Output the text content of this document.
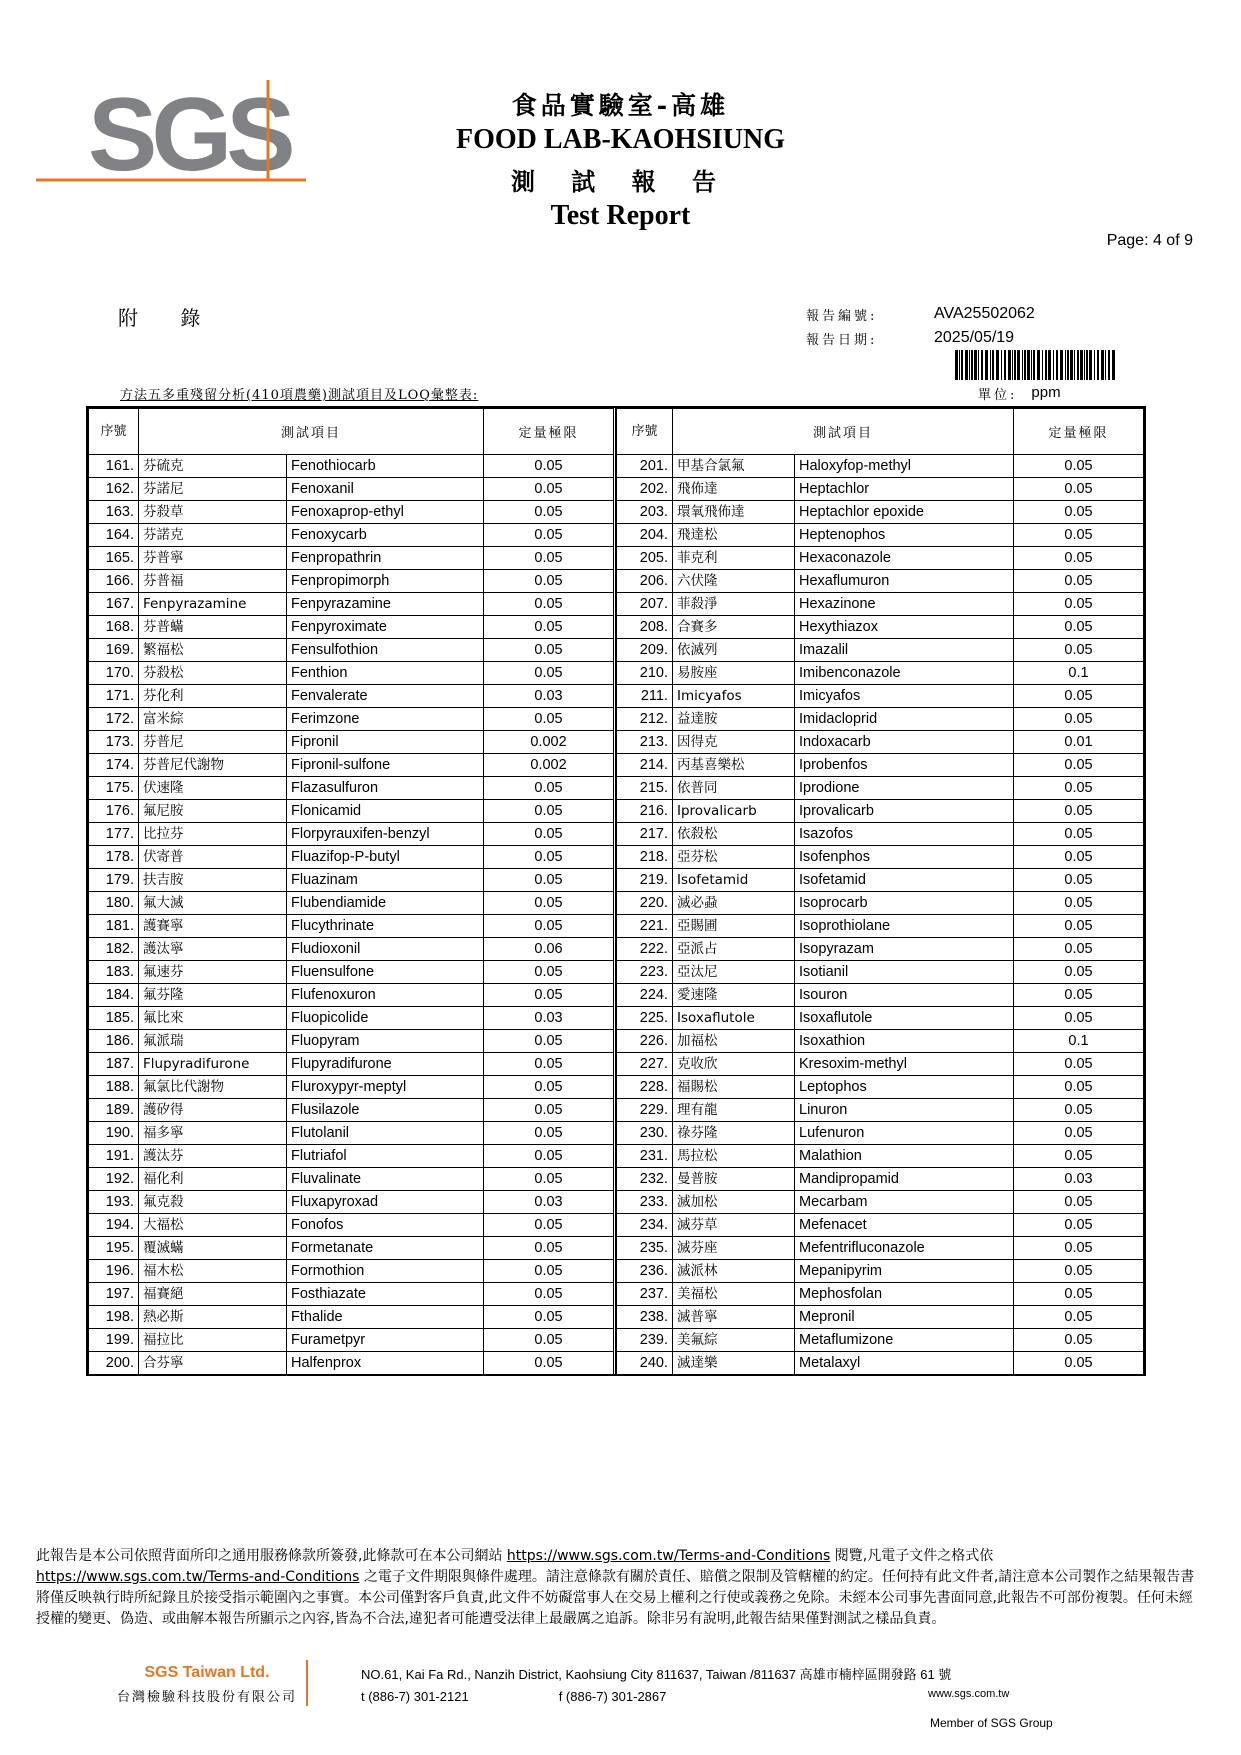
SGS	食品實驗室-高雄
FOOD LAB-KAOHSIUNG
測 試 報 告
Test Report
Page: 4 of 9
附 錄	報告編號:	AVA25502062
報告日期:	2025/05/19
方法五多重殘留分析(410項農藥)測試項目及LOQ彙整表:	單位: ppm
序號	測試項目		定量極限
161.	芬硫克	Fenothiocarb	0.05
162.	芬諾尼	Fenoxanil	0.05
163.	芬殺草	Fenoxaprop-ethyl	0.05
164.	芬諾克	Fenoxycarb	0.05
165.	芬普寧	Fenpropathrin	0.05
166.	芬普福	Fenpropimorph	0.05
167.	Fenpyrazamine	Fenpyrazamine	0.05
168.	芬普蟎	Fenpyroximate	0.05
169.	繁福松	Fensulfothion	0.05
170.	芬殺松	Fenthion	0.05
171.	芬化利	Fenvalerate	0.03
172.	富米綜	Ferimzone	0.05
173.	芬普尼	Fipronil	0.002
174.	芬普尼代謝物	Fipronil-sulfone	0.002
175.	伏速隆	Flazasulfuron	0.05
176.	氟尼胺	Flonicamid	0.05
177.	比拉芬	Florpyrauxifen-benzyl	0.05
178.	伏寄普	Fluazifop-P-butyl	0.05
179.	扶吉胺	Fluazinam	0.05
180.	氟大滅	Flubendiamide	0.05
181.	護賽寧	Flucythrinate	0.05
182.	護汰寧	Fludioxonil	0.06
183.	氟速芬	Fluensulfone	0.05
184.	氟芬隆	Flufenoxuron	0.05
185.	氟比來	Fluopicolide	0.03
186.	氟派瑞	Fluopyram	0.05
187.	Flupyradifurone	Flupyradifurone	0.05
188.	氟氯比代謝物	Fluroxypyr-meptyl	0.05
189.	護矽得	Flusilazole	0.05
190.	福多寧	Flutolanil	0.05
191.	護汰芬	Flutriafol	0.05
192.	福化利	Fluvalinate	0.05
193.	氟克殺	Fluxapyroxad	0.03
194.	大福松	Fonofos	0.05
195.	覆滅蟎	Formetanate	0.05
196.	福木松	Formothion	0.05
197.	福賽絕	Fosthiazate	0.05
198.	熱必斯	Fthalide	0.05
199.	福拉比	Furametpyr	0.05
200.	合芬寧	Halfenprox	0.05
序號	測試項目		定量極限
201.	甲基合氯氟	Haloxyfop-methyl	0.05
202.	飛佈達	Heptachlor	0.05
203.	環氧飛佈達	Heptachlor epoxide	0.05
204.	飛達松	Heptenophos	0.05
205.	菲克利	Hexaconazole	0.05
206.	六伏隆	Hexaflumuron	0.05
207.	菲殺淨	Hexazinone	0.05
208.	合賽多	Hexythiazox	0.05
209.	依滅列	Imazalil	0.05
210.	易胺座	Imibenconazole	0.1
211.	Imicyafos	Imicyafos	0.05
212.	益達胺	Imidacloprid	0.05
213.	因得克	Indoxacarb	0.01
214.	丙基喜樂松	Iprobenfos	0.05
215.	依普同	Iprodione	0.05
216.	Iprovalicarb	Iprovalicarb	0.05
217.	依殺松	Isazofos	0.05
218.	亞芬松	Isofenphos	0.05
219.	Isofetamid	Isofetamid	0.05
220.	滅必蝨	Isoprocarb	0.05
221.	亞賜圃	Isoprothiolane	0.05
222.	亞派占	Isopyrazam	0.05
223.	亞汰尼	Isotianil	0.05
224.	愛速隆	Isouron	0.05
225.	Isoxaflutole	Isoxaflutole	0.05
226.	加福松	Isoxathion	0.1
227.	克收欣	Kresoxim-methyl	0.05
228.	福賜松	Leptophos	0.05
229.	理有龍	Linuron	0.05
230.	祿芬隆	Lufenuron	0.05
231.	馬拉松	Malathion	0.05
232.	曼普胺	Mandipropamid	0.03
233.	滅加松	Mecarbam	0.05
234.	滅芬草	Mefenacet	0.05
235.	滅芬座	Mefentrifluconazole	0.05
236.	滅派林	Mepanipyrim	0.05
237.	美福松	Mephosfolan	0.05
238.	滅普寧	Mepronil	0.05
239.	美氟綜	Metaflumizone	0.05
240.	滅達樂	Metalaxyl	0.05
此報告是本公司依照背面所印之通用服務條款所簽發,此條款可在本公司網站 https://www.sgs.com.tw/Terms-and-Conditions 閱覽,凡電子文件之格式依
https://www.sgs.com.tw/Terms-and-Conditions 之電子文件期限與條件處理。請注意條款有關於責任、賠償之限制及管轄權的約定。任何持有此文件者,請注意本公司製作之結果報告書將僅反映執行時所紀錄且於接受指示範圍內之事實。本公司僅對客戶負責,此文件不妨礙當事人在交易上權利之行使或義務之免除。未經本公司事先書面同意,此報告不可部份複製。任何未經授權的變更、偽造、或曲解本報告所顯示之內容,皆為不合法,違犯者可能遭受法律上最嚴厲之追訴。除非另有說明,此報告結果僅對測試之樣品負責。
SGS Taiwan Ltd.
台灣檢驗科技股份有限公司
NO.61, Kai Fa Rd., Nanzih District, Kaohsiung City 811637, Taiwan /811637 高雄市楠梓區開發路 61 號
t (886-7) 301-2121	f (886-7) 301-2867	www.sgs.com.tw
Member of SGS Group
